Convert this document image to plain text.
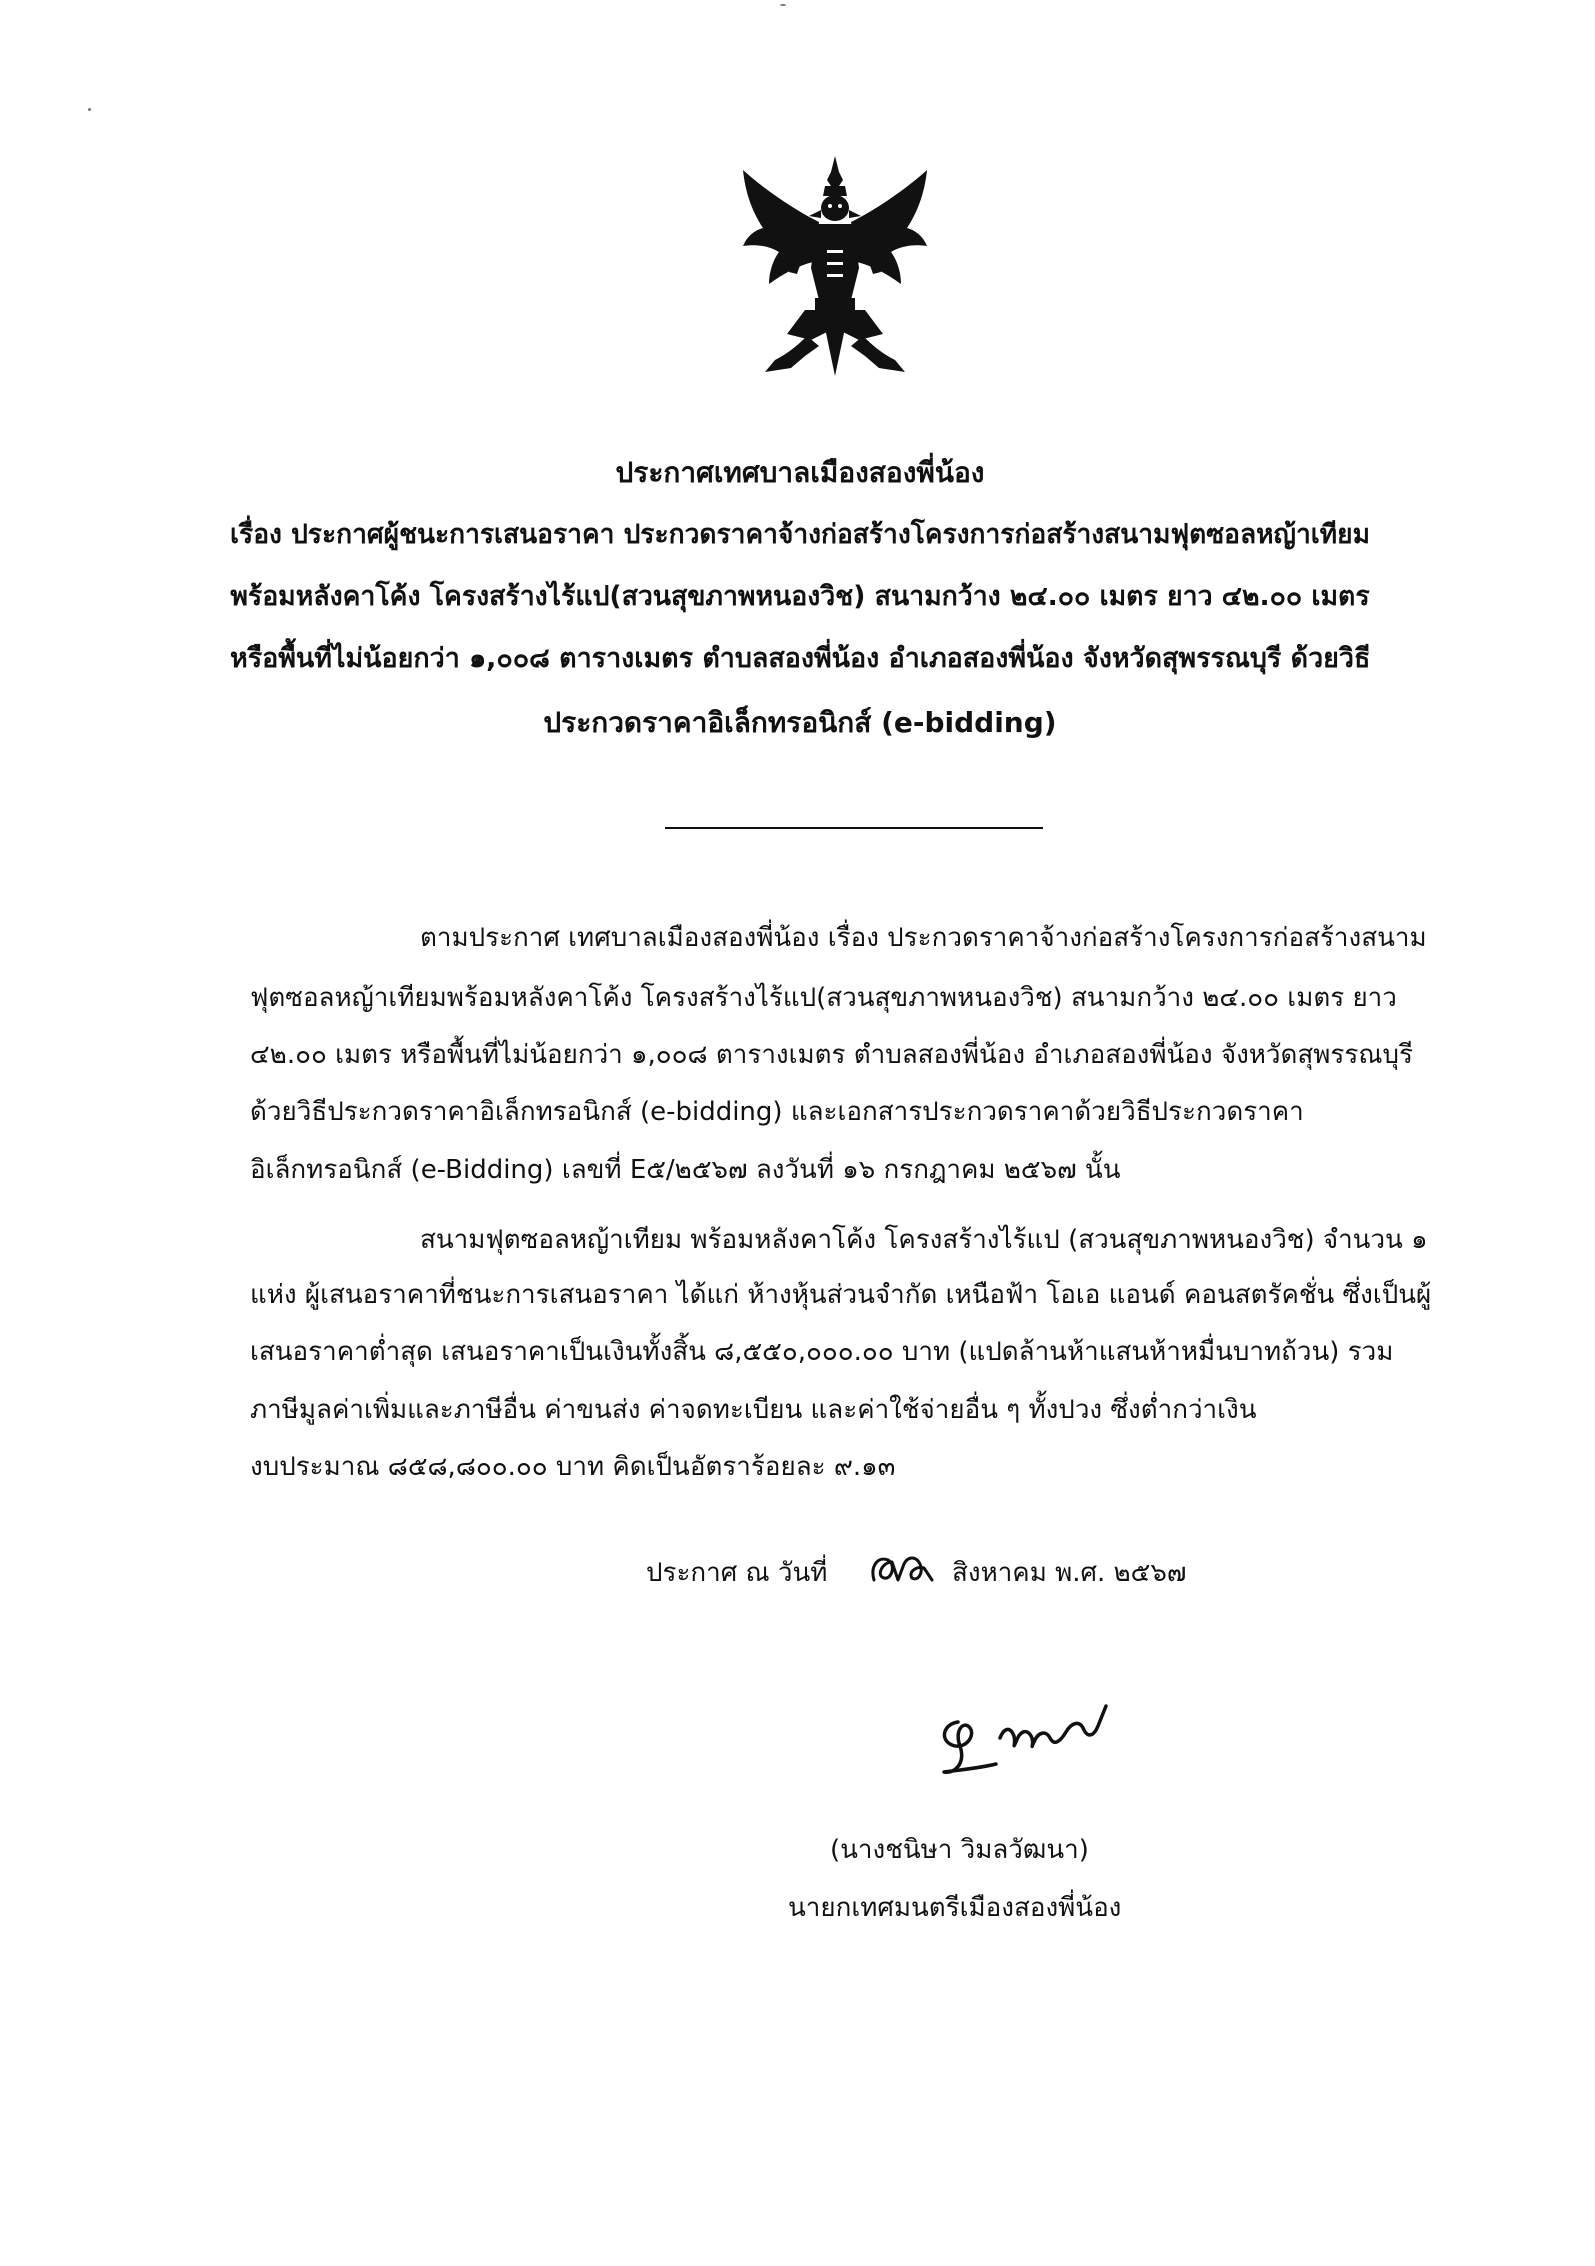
ประกาศเทศบาลเมืองสองพี่น้อง
เรื่อง ประกาศผู้ชนะการเสนอราคา ประกวดราคาจ้างก่อสร้างโครงการก่อสร้างสนามฟุตซอลหญ้าเทียม
พร้อมหลังคาโค้ง โครงสร้างไร้แป(สวนสุขภาพหนองวิช) สนามกว้าง ๒๔.๐๐ เมตร ยาว ๔๒.๐๐ เมตร
หรือพื้นที่ไม่น้อยกว่า ๑,๐๐๘ ตารางเมตร ตำบลสองพี่น้อง อำเภอสองพี่น้อง จังหวัดสุพรรณบุรี ด้วยวิธี
ประกวดราคาอิเล็กทรอนิกส์ (e-bidding)
ตามประกาศ เทศบาลเมืองสองพี่น้อง เรื่อง ประกวดราคาจ้างก่อสร้างโครงการก่อสร้างสนาม
ฟุตซอลหญ้าเทียมพร้อมหลังคาโค้ง โครงสร้างไร้แป(สวนสุขภาพหนองวิช) สนามกว้าง ๒๔.๐๐ เมตร ยาว
๔๒.๐๐ เมตร หรือพื้นที่ไม่น้อยกว่า ๑,๐๐๘ ตารางเมตร ตำบลสองพี่น้อง อำเภอสองพี่น้อง จังหวัดสุพรรณบุรี
ด้วยวิธีประกวดราคาอิเล็กทรอนิกส์ (e-bidding) และเอกสารประกวดราคาด้วยวิธีประกวดราคา
อิเล็กทรอนิกส์ (e-Bidding) เลขที่ E๕/๒๕๖๗ ลงวันที่ ๑๖ กรกฎาคม ๒๕๖๗ นั้น
สนามฟุตซอลหญ้าเทียม พร้อมหลังคาโค้ง โครงสร้างไร้แป (สวนสุขภาพหนองวิช) จำนวน ๑
แห่ง ผู้เสนอราคาที่ชนะการเสนอราคา ได้แก่ ห้างหุ้นส่วนจำกัด เหนือฟ้า โอเอ แอนด์ คอนสตรัคชั่น ซึ่งเป็นผู้
เสนอราคาต่ำสุด เสนอราคาเป็นเงินทั้งสิ้น ๘,๕๕๐,๐๐๐.๐๐ บาท (แปดล้านห้าแสนห้าหมื่นบาทถ้วน) รวม
ภาษีมูลค่าเพิ่มและภาษีอื่น ค่าขนส่ง ค่าจดทะเบียน และค่าใช้จ่ายอื่น ๆ ทั้งปวง ซึ่งต่ำกว่าเงิน
งบประมาณ ๘๕๘,๘๐๐.๐๐ บาท คิดเป็นอัตราร้อยละ ๙.๑๓
ประกาศ ณ วันที่	สิงหาคม พ.ศ. ๒๕๖๗
(นางชนิษา วิมลวัฒนา)
นายกเทศมนตรีเมืองสองพี่น้อง
